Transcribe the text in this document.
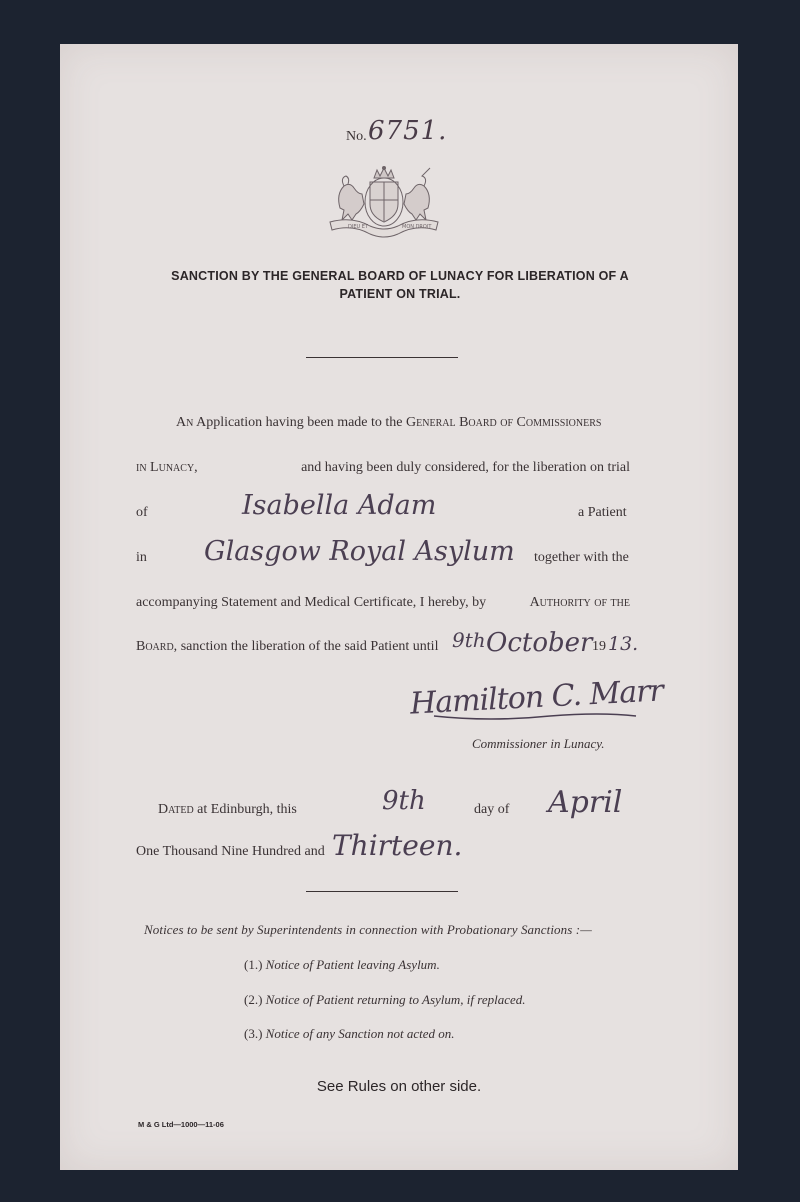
No. 6751.
DIEU ET	MON DROIT
SANCTION BY THE GENERAL BOARD OF LUNACY FOR LIBERATION OF A
PATIENT ON TRIAL.
An Application having been made to the General Board of Commissioners
in Lunacy,	and having been duly considered, for the liberation on trial
of	Isabella Adam	a Patient
in Glasgow Royal Asylum together with the
accompanying Statement and Medical Certificate, I hereby, by	Authority of the
Board, sanction the liberation of the said Patient until 9th October 19 13.
Hamilton C. Marr
Commissioner in Lunacy.
Dated at Edinburgh, this	9th	day of April
One Thousand Nine Hundred and Thirteen.
Notices to be sent by Superintendents in connection with Probationary Sanctions :—
(1.) Notice of Patient leaving Asylum.
(2.) Notice of Patient returning to Asylum, if replaced.
(3.) Notice of any Sanction not acted on.
See Rules on other side.
M & G Ltd—1000—11-06
